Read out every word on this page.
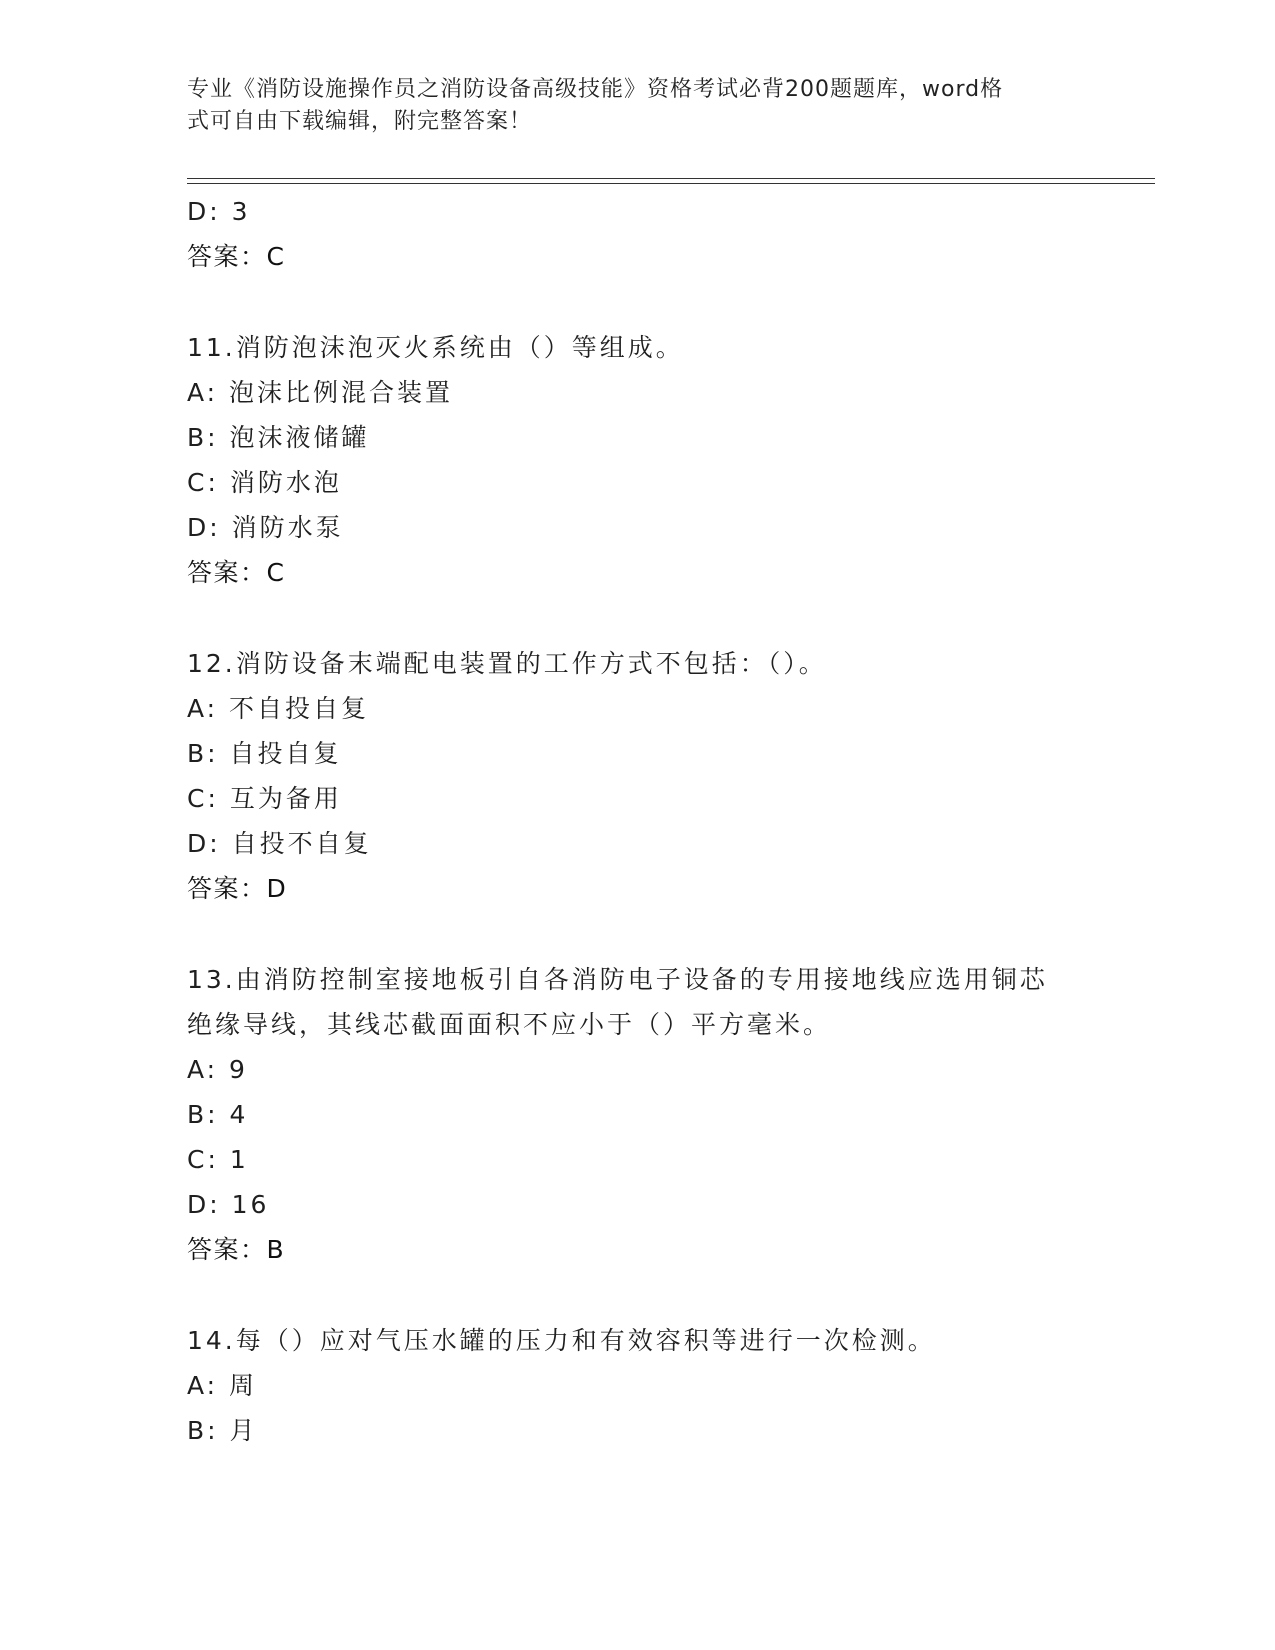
专业《消防设施操作员之消防设备高级技能》资格考试必背200题题库，word格
式可自由下载编辑，附完整答案！
D: 3
答案：C
11.消防泡沫泡灭火系统由（）等组成。
A: 泡沫比例混合装置
B: 泡沫液储罐
C: 消防水泡
D: 消防水泵
答案：C
12.消防设备末端配电装置的工作方式不包括：（）。
A: 不自投自复
B: 自投自复
C: 互为备用
D: 自投不自复
答案：D
13.由消防控制室接地板引自各消防电子设备的专用接地线应选用铜芯
绝缘导线，其线芯截面面积不应小于（）平方毫米。
A: 9
B: 4
C: 1
D: 16
答案：B
14.每（）应对气压水罐的压力和有效容积等进行一次检测。
A: 周
B: 月
